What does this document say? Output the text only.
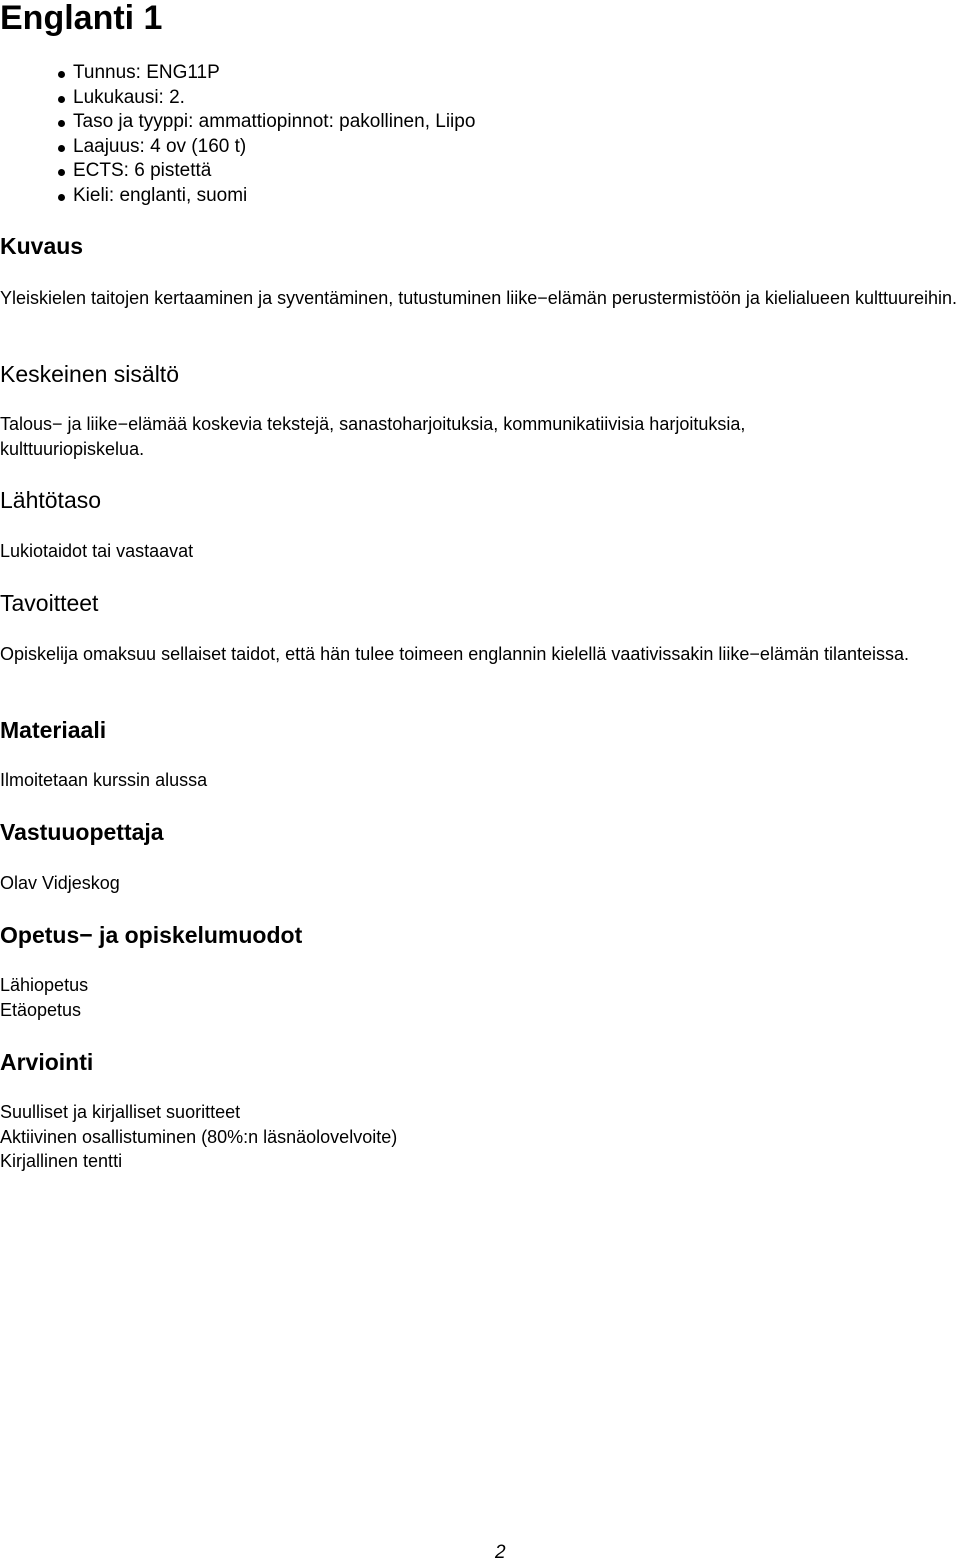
Englanti 1
Tunnus: ENG11P
Lukukausi: 2.
Taso ja tyyppi: ammattiopinnot: pakollinen, Liipo
Laajuus: 4 ov (160 t)
ECTS: 6 pistettä
Kieli: englanti, suomi
Kuvaus

Yleiskielen taitojen kertaaminen ja syventäminen, tutustuminen liike−elämän perustermistöön ja kielialueen kulttuureihin.

Keskeinen sisältö

Talous− ja liike−elämää koskevia tekstejä, sanastoharjoituksia, kommunikatiivisia harjoituksia, kulttuuriopiskelua.

Lähtötaso

Lukiotaidot tai vastaavat

Tavoitteet

Opiskelija omaksuu sellaiset taidot, että hän tulee toimeen englannin kielellä vaativissakin liike−elämän tilanteissa.

Materiaali

Ilmoitetaan kurssin alussa

Vastuuopettaja

Olav Vidjeskog

Opetus− ja opiskelumuodot

Lähiopetus
Etäopetus

Arviointi

Suulliset ja kirjalliset suoritteet
Aktiivinen osallistuminen (80%:n läsnäolovelvoite)
Kirjallinen tentti

2
